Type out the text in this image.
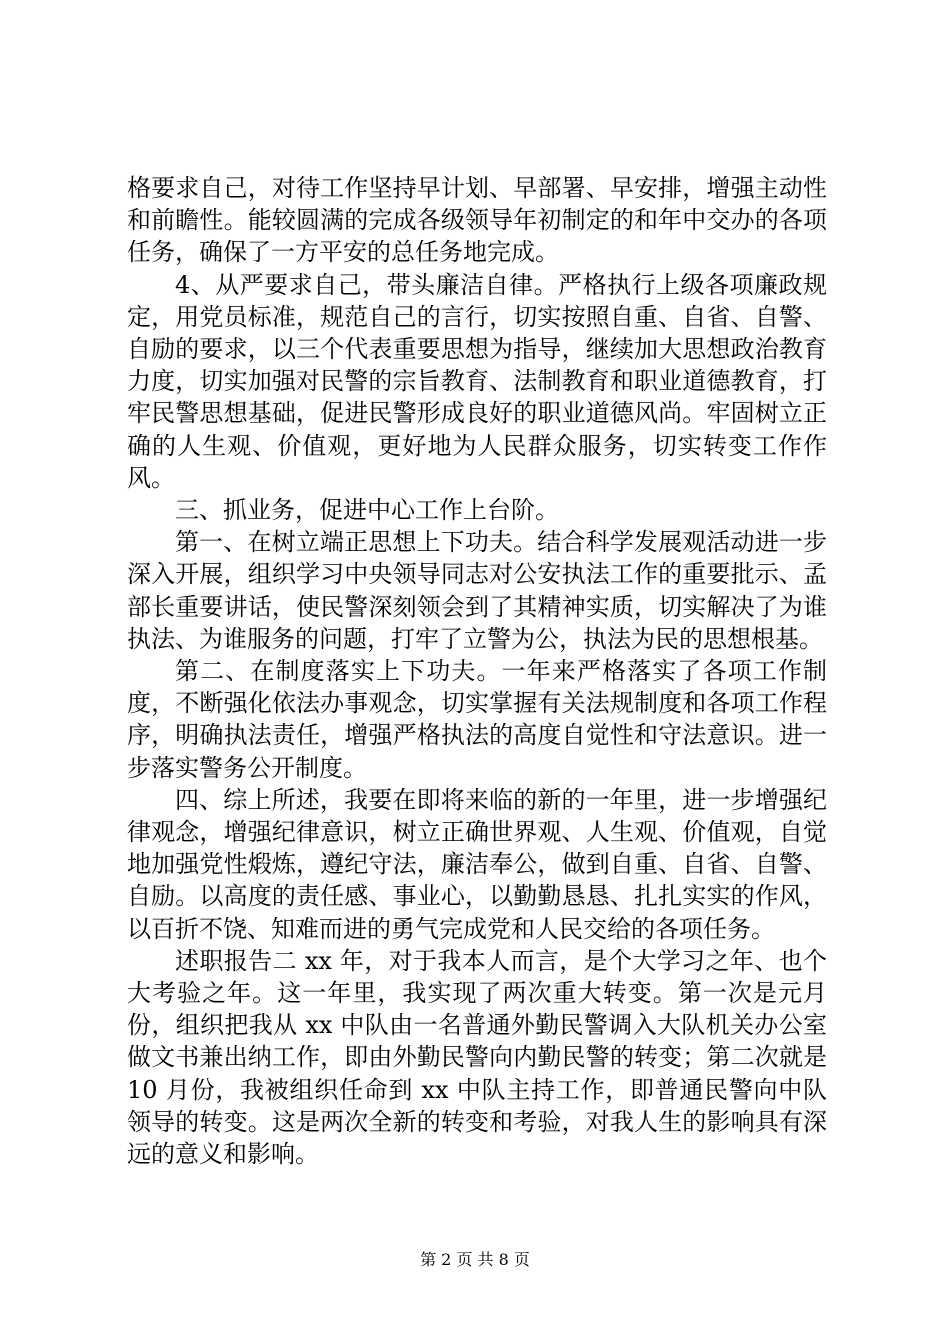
格要求自己，对待工作坚持早计划、早部署、早安排，增强主动性和前瞻性。能较圆满的完成各级领导年初制定的和年中交办的各项任务，确保了一方平安的总任务地完成。

4、从严要求自己，带头廉洁自律。严格执行上级各项廉政规定，用党员标准，规范自己的言行，切实按照自重、自省、自警、自励的要求，以三个代表重要思想为指导，继续加大思想政治教育力度，切实加强对民警的宗旨教育、法制教育和职业道德教育，打牢民警思想基础，促进民警形成良好的职业道德风尚。牢固树立正确的人生观、价值观，更好地为人民群众服务，切实转变工作作风。

三、抓业务，促进中心工作上台阶。

第一、在树立端正思想上下功夫。结合科学发展观活动进一步深入开展，组织学习中央领导同志对公安执法工作的重要批示、孟部长重要讲话，使民警深刻领会到了其精神实质，切实解决了为谁执法、为谁服务的问题，打牢了立警为公，执法为民的思想根基。

第二、在制度落实上下功夫。一年来严格落实了各项工作制度，不断强化依法办事观念，切实掌握有关法规制度和各项工作程序，明确执法责任，增强严格执法的高度自觉性和守法意识。进一步落实警务公开制度。

四、综上所述，我要在即将来临的新的一年里，进一步增强纪律观念，增强纪律意识，树立正确世界观、人生观、价值观，自觉地加强党性煅炼，遵纪守法，廉洁奉公，做到自重、自省、自警、自励。以高度的责任感、事业心，以勤勤恳恳、扎扎实实的作风，以百折不饶、知难而进的勇气完成党和人民交给的各项任务。

述职报告二 xx 年，对于我本人而言，是个大学习之年、也个大考验之年。这一年里，我实现了两次重大转变。第一次是元月份，组织把我从 xx 中队由一名普通外勤民警调入大队机关办公室做文书兼出纳工作，即由外勤民警向内勤民警的转变；第二次就是 10 月份，我被组织任命到 xx 中队主持工作，即普通民警向中队领导的转变。这是两次全新的转变和考验，对我人生的影响具有深远的意义和影响。

第 2 页 共 8 页
